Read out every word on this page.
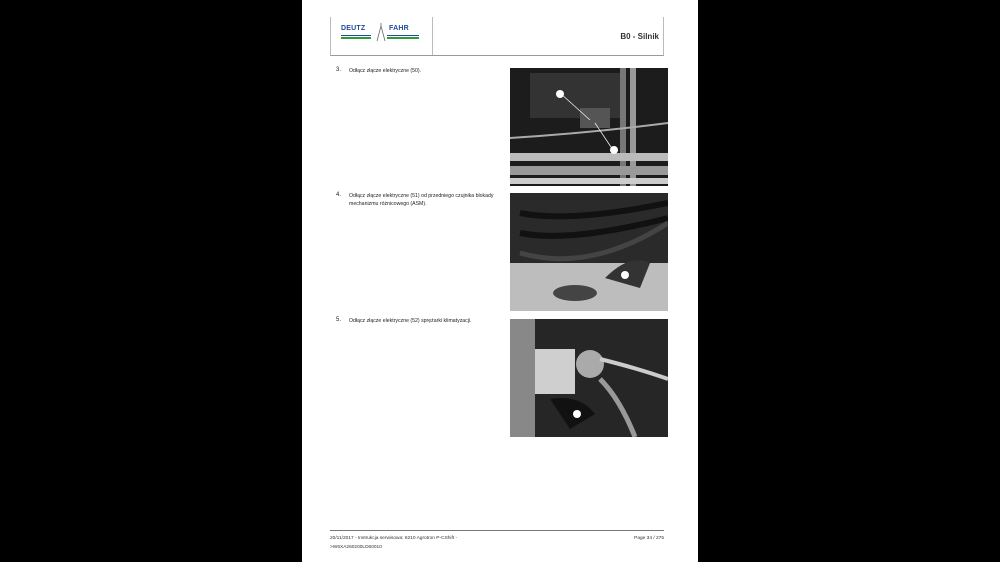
DEUTZ	FAHR
B0 - Silnik
3. Odłącz złącze elektryczne (50).
4. Odłącz złącze elektryczne (51) od przedniego czujnika blokady mechanizmu różnicowego (ASM).
5. Odłącz złącze elektryczne (52) sprężarki klimatyzacji.
20/11/2017 - Instrukcja serwisowa: 6210 Agrotron P-CShift -
>W6XA260200LD60010
Page 34 / 275
